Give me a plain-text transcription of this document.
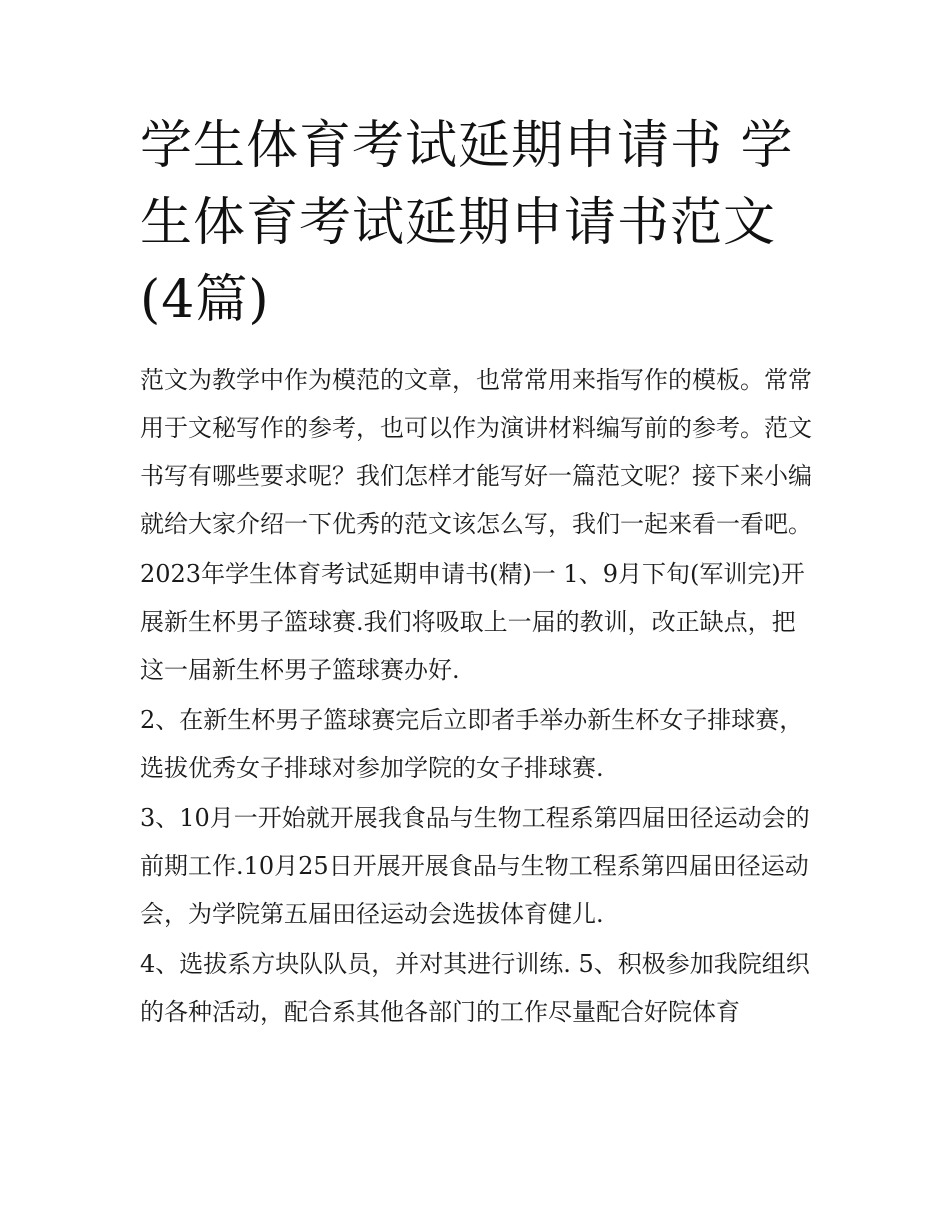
学生体育考试延期申请书 学生体育考试延期申请书范文(4篇)

范文为教学中作为模范的文章，也常常用来指写作的模板。常常用于文秘写作的参考，也可以作为演讲材料编写前的参考。范文书写有哪些要求呢？我们怎样才能写好一篇范文呢？接下来小编就给大家介绍一下优秀的范文该怎么写，我们一起来看一看吧。

2023年学生体育考试延期申请书(精)一 1、9月下旬(军训完)开展新生杯男子篮球赛.我们将吸取上一届的教训，改正缺点，把这一届新生杯男子篮球赛办好.

2、在新生杯男子篮球赛完后立即者手举办新生杯女子排球赛，选拔优秀女子排球对参加学院的女子排球赛.

3、10月一开始就开展我食品与生物工程系第四届田径运动会的前期工作.10月25日开展开展食品与生物工程系第四届田径运动会，为学院第五届田径运动会选拔体育健儿.

4、选拔系方块队队员，并对其进行训练. 5、积极参加我院组织的各种活动，配合系其他各部门的工作尽量配合好院体育
